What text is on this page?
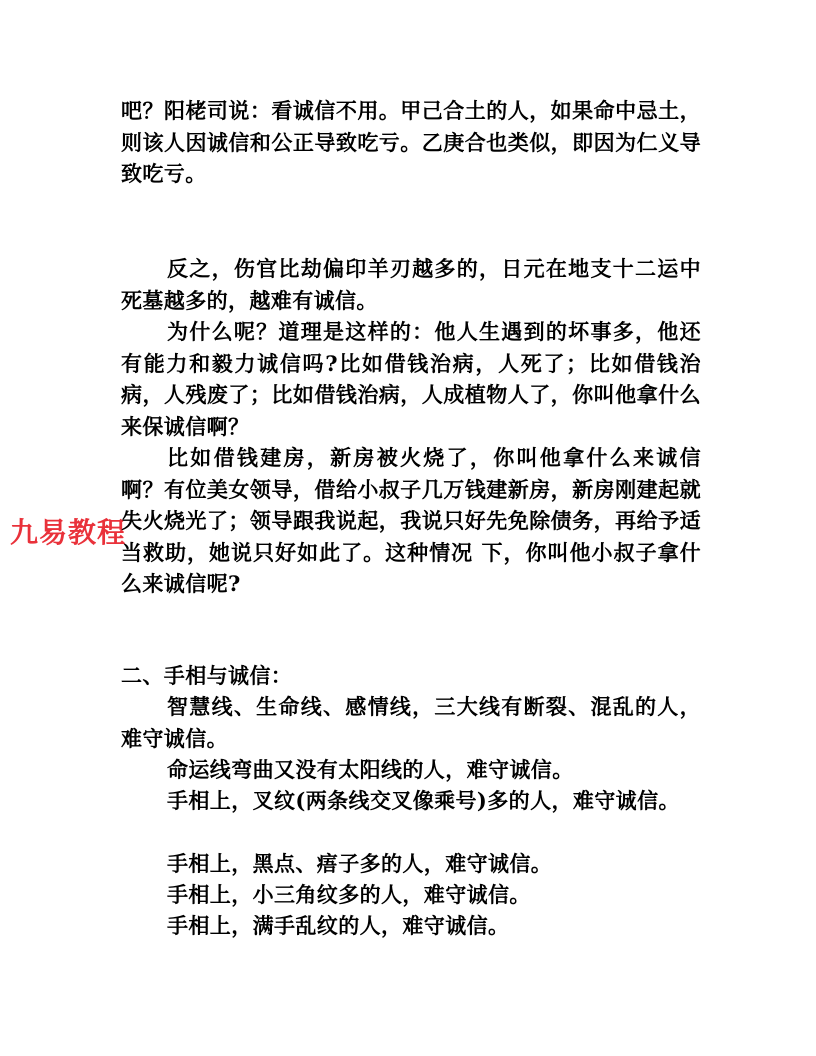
吧？阳栳司说：看诚信不用。甲己合土的人，如果命中忌土，则该人因诚信和公正导致吃亏。乙庚合也类似，即因为仁义导致吃亏。

反之，伤官比劫偏印羊刃越多的，日元在地支十二运中死墓越多的，越难有诚信。

为什么呢？道理是这样的：他人生遇到的坏事多，他还有能力和毅力诚信吗?比如借钱治病，人死了；比如借钱治病，人残废了；比如借钱治病，人成植物人了，你叫他拿什么来保诚信啊？

比如借钱建房，新房被火烧了，你叫他拿什么来诚信啊？有位美女领导，借给小叔子几万钱建新房，新房刚建起就失火烧光了；领导跟我说起，我说只好先免除债务，再给予适当救助，她说只好如此了。这种情况 下，你叫他小叔子拿什么来诚信呢?

二、手相与诚信：

智慧线、生命线、感情线，三大线有断裂、混乱的人，难守诚信。

命运线弯曲又没有太阳线的人，难守诚信。

手相上，叉纹(两条线交叉像乘号)多的人，难守诚信。

手相上，黑点、痦子多的人，难守诚信。

手相上，小三角纹多的人，难守诚信。

手相上，满手乱纹的人，难守诚信。

九易教程
